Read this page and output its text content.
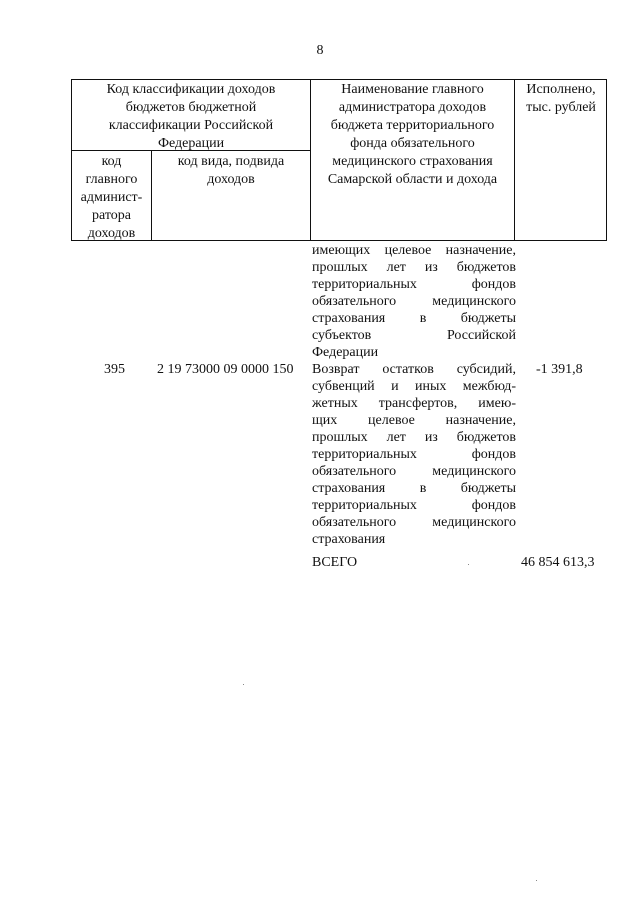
8
Код классификации доходов
бюджетов бюджетной
классификации Российской
Федерации
код
главного
админист-
ратора
доходов
код вида, подвида
доходов
Наименование главного
администратора доходов
бюджета территориального
фонда обязательного
медицинского страхования
Самарской области и дохода
Исполнено,
тыс. рублей
имеющих целевое назначение,
прошлых лет из бюджетов
территориальных фондов
обязательного медицинского
страхования в бюджеты
субъектов Российской
Федерации
395 2 19 73000 09 0000 150 Возврат остатков субсидий,
субвенций и иных межбюд-
жетных трансфертов, имею-
щих целевое назначение,
прошлых лет из бюджетов
территориальных фондов
обязательного медицинского
страхования в бюджеты
территориальных фондов
обязательного медицинского
страхования
-1 391,8
ВСЕГО	46 854 613,3
